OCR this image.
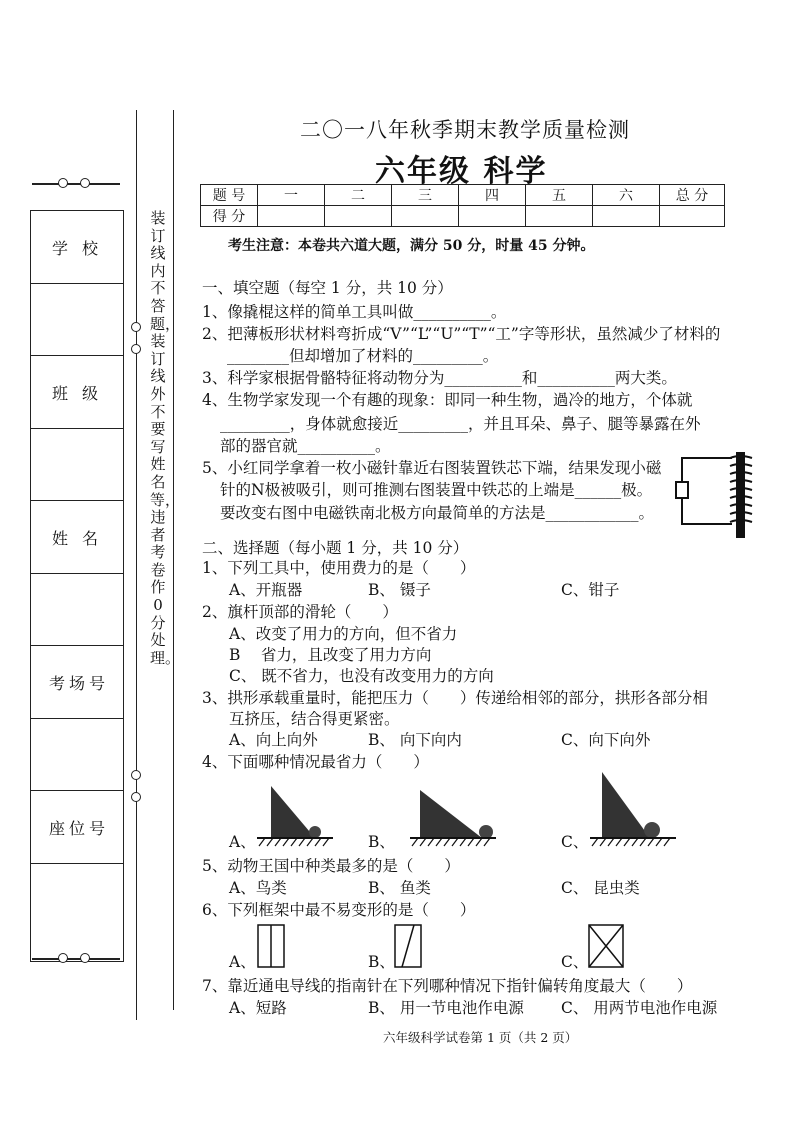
学校
班级
姓名
考场号
座位号
装订线内不答题，装订线外不要写姓名等，违者考卷作0分处理。
二〇一八年秋季期末教学质量检测
六年级 科学
题 号	一	二	三	四	五	六	总 分
得 分							
考生注意：本卷共六道大题，满分 50 分，时量 45 分钟。
一、填空题（每空 1 分，共 10 分）
1、像撬棍这样的简单工具叫做__________。
2、把薄板形状材料弯折成“V”“L”“U”“T”“工”字等形状，虽然减少了材料的
________但却增加了材料的_________。
3、科学家根据骨骼特征将动物分为__________和__________两大类。
4、生物学家发现一个有趣的现象：即同一种生物，過冷的地方，个体就
_________，身体就愈接近_________，并且耳朵、鼻子、腿等暴露在外
部的器官就__________。
5、小红同学拿着一枚小磁针靠近右图装置铁芯下端，结果发现小磁
针的N极被吸引，则可推测右图装置中铁芯的上端是______极。
要改变右图中电磁铁南北极方向最简单的方法是____________。
二、选择题（每小题 1 分，共 10 分）
1、下列工具中，使用费力的是（　　）
A、开瓶器	B、 镊子	C、钳子
2、旗杆顶部的滑轮（　　）
A、改变了用力的方向，但不省力
B　 省力，且改变了用力方向
C、 既不省力，也没有改变用力的方向
3、拱形承载重量时，能把压力（　　）传递给相邻的部分，拱形各部分相
互挤压，结合得更紧密。
A、向上向外	B、 向下向内	C、向下向外
4、下面哪种情况最省力（　　）
A、	B、	C、
5、动物王国中种类最多的是（　　）
A、鸟类	B、 鱼类	C、 昆虫类
6、下列框架中最不易变形的是（　　）
A、	B、	C、
7、靠近通电导线的指南针在下列哪种情况下指针偏转角度最大（　　）
A、短路	B、 用一节电池作电源 C、 用两节电池作电源
六年级科学试卷第 1 页（共 2 页）
